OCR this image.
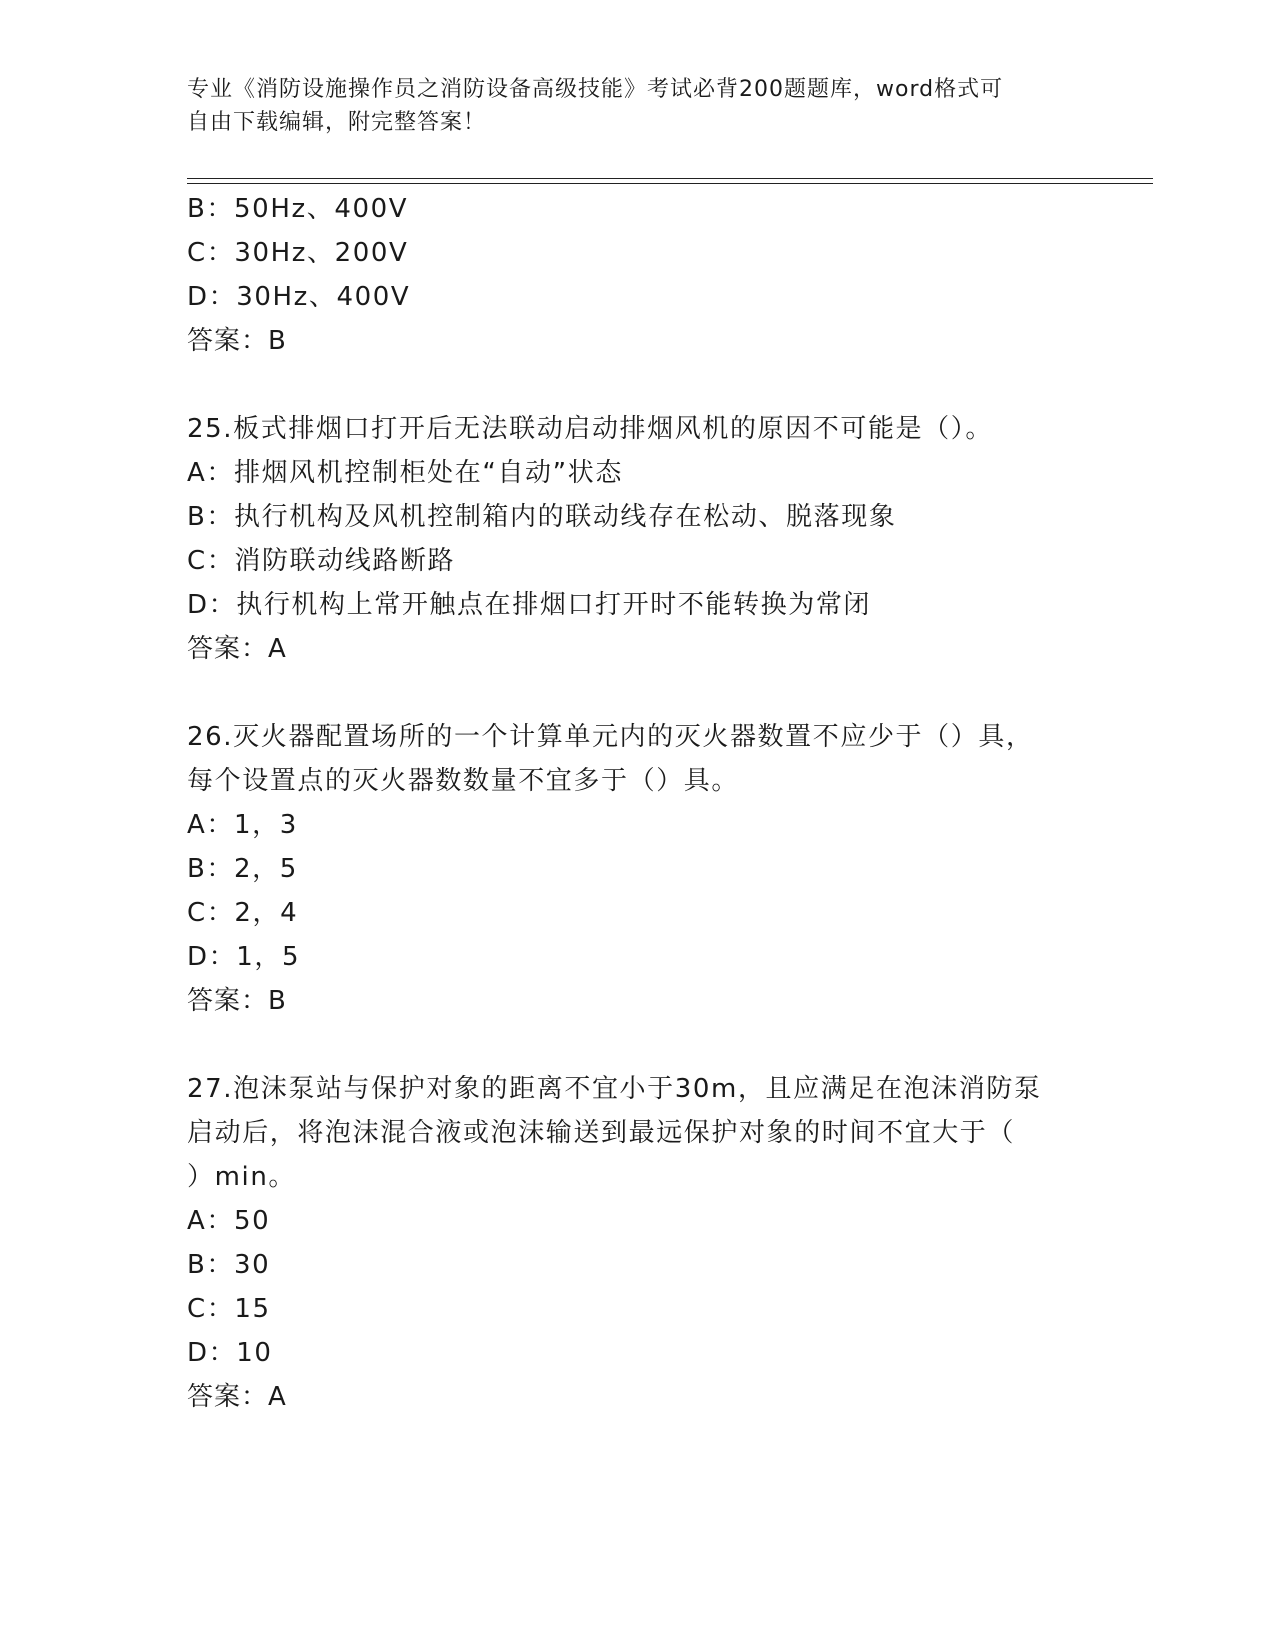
专业《消防设施操作员之消防设备高级技能》考试必背200题题库，word格式可
自由下载编辑，附完整答案！
B：50Hz、400V
C：30Hz、200V
D：30Hz、400V
答案：B
25.板式排烟口打开后无法联动启动排烟风机的原因不可能是（）。
A：排烟风机控制柜处在“自动”状态
B：执行机构及风机控制箱内的联动线存在松动、脱落现象
C：消防联动线路断路
D：执行机构上常开触点在排烟口打开时不能转换为常闭
答案：A
26.灭火器配置场所的一个计算单元内的灭火器数置不应少于（）具，
每个设置点的灭火器数数量不宜多于（）具。
A：1，3
B：2，5
C：2，4
D：1，5
答案：B
27.泡沫泵站与保护对象的距离不宜小于30m，且应满足在泡沫消防泵
启动后，将泡沫混合液或泡沫输送到最远保护对象的时间不宜大于（
）min。
A：50
B：30
C：15
D：10
答案：A
